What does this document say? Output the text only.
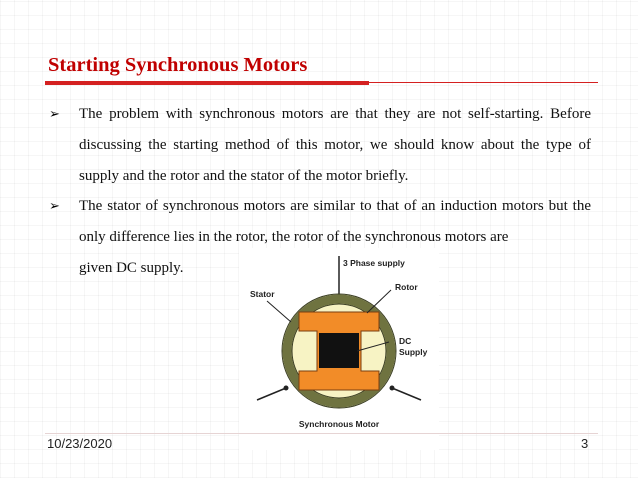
Starting Synchronous Motors
➢ The problem with synchronous motors are that they are not self-starting. Before discussing the starting method of this motor, we should know about the type of supply and the rotor and the stator of the motor briefly.

➢ The stator of synchronous motors are similar to that of an induction motors but the only difference lies in the rotor, the rotor of the synchronous motors are
given DC supply.	3 Phase supply
Stator
Rotor
DC
Supply
Synchronous Motor
10/23/2020	3
